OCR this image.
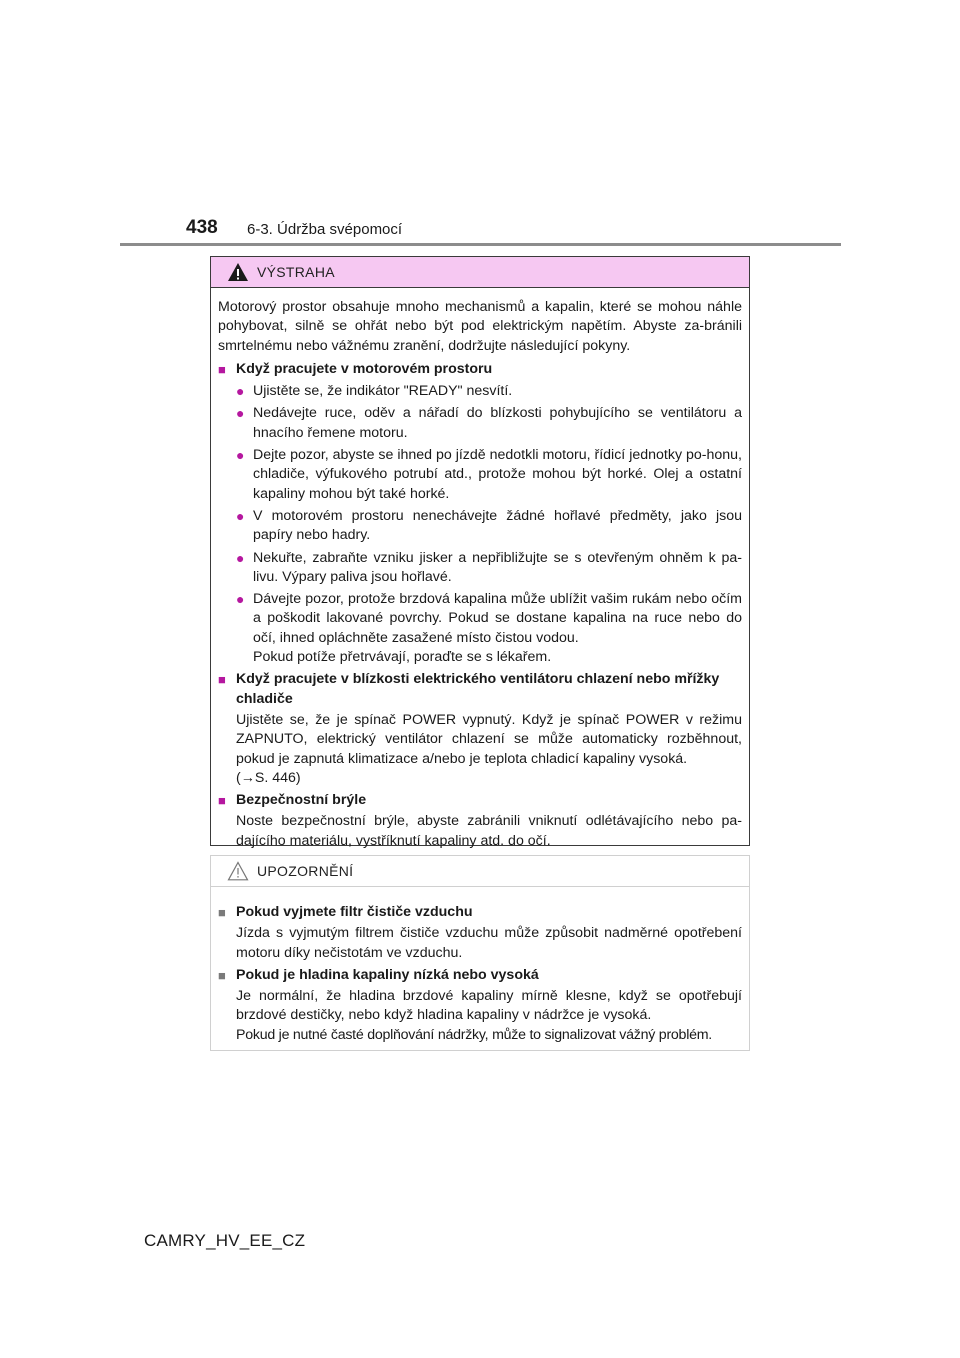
438 6-3. Údržba svépomocí
VÝSTRAHA

Motorový prostor obsahuje mnoho mechanismů a kapalin, které se mohou náhle pohybovat, silně se ohřát nebo být pod elektrickým napětím. Abyste za-bránili smrtelnému nebo vážnému zranění, dodržujte následující pokyny.

■ Když pracujete v motorovém prostoru
● Ujistěte se, že indikátor "READY" nesvítí.
● Nedávejte ruce, oděv a nářadí do blízkosti pohybujícího se ventilátoru a hnacího řemene motoru.
● Dejte pozor, abyste se ihned po jízdě nedotkli motoru, řídicí jednotky po-honu, chladiče, výfukového potrubí atd., protože mohou být horké. Olej a ostatní kapaliny mohou být také horké.
● V motorovém prostoru nenechávejte žádné hořlavé předměty, jako jsou papíry nebo hadry.
● Nekuřte, zabraňte vzniku jisker a nepřibližujte se s otevřeným ohněm k pa-livu. Výpary paliva jsou hořlavé.
● Dávejte pozor, protože brzdová kapalina může ublížit vašim rukám nebo očím a poškodit lakované povrchy. Pokud se dostane kapalina na ruce nebo do očí, ihned opláchněte zasažené místo čistou vodou.
Pokud potíže přetrvávají, poraďte se s lékařem.
■ Když pracujete v blízkosti elektrického ventilátoru chlazení nebo mřížky chladiče
Ujistěte se, že je spínač POWER vypnutý. Když je spínač POWER v režimu ZAPNUTO, elektrický ventilátor chlazení se může automaticky rozběhnout, pokud je zapnutá klimatizace a/nebo je teplota chladicí kapaliny vysoká.
(→S. 446)
■ Bezpečnostní brýle
Noste bezpečnostní brýle, abyste zabránili vniknutí odlétávajícího nebo pa-dajícího materiálu, vystříknutí kapaliny atd. do očí.
UPOZORNĚNÍ
■ Pokud vyjmete filtr čističe vzduchu
Jízda s vyjmutým filtrem čističe vzduchu může způsobit nadměrné opotřebení motoru díky nečistotám ve vzduchu.
■ Pokud je hladina kapaliny nízká nebo vysoká
Je normální, že hladina brzdové kapaliny mírně klesne, když se opotřebují brzdové destičky, nebo když hladina kapaliny v nádržce je vysoká.
Pokud je nutné časté doplňování nádržky, může to signalizovat vážný problém.
CAMRY_HV_EE_CZ
